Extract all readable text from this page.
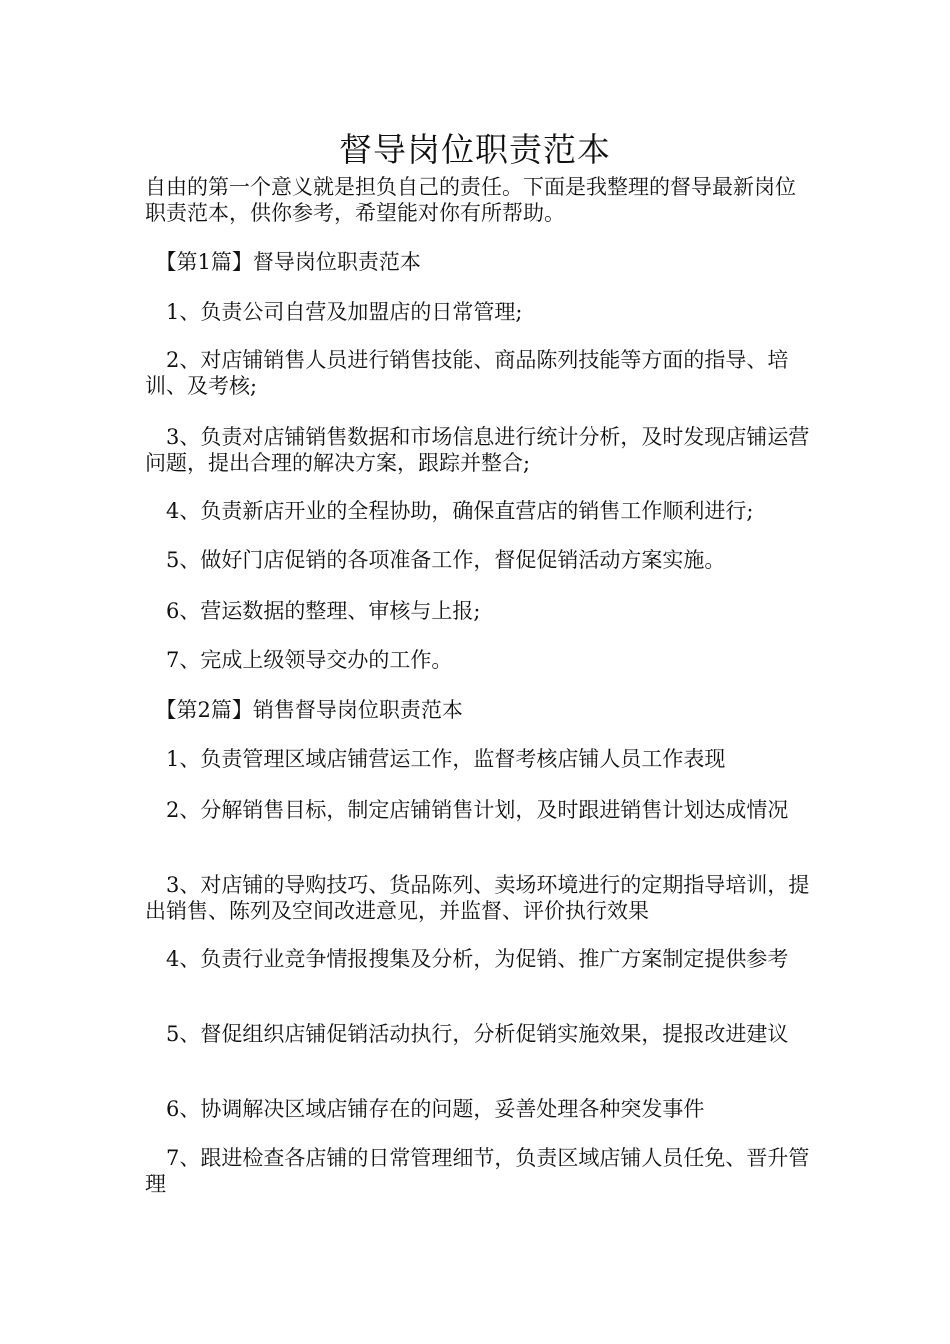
督导岗位职责范本

自由的第一个意义就是担负自己的责任。下面是我整理的督导最新岗位职责范本，供你参考，希望能对你有所帮助。

　【第1篇】督导岗位职责范本

　1、负责公司自营及加盟店的日常管理;

　2、对店铺销售人员进行销售技能、商品陈列技能等方面的指导、培训、及考核;

　3、负责对店铺销售数据和市场信息进行统计分析，及时发现店铺运营问题，提出合理的解决方案，跟踪并整合;

　4、负责新店开业的全程协助，确保直营店的销售工作顺利进行;

　5、做好门店促销的各项准备工作，督促促销活动方案实施。

　6、营运数据的整理、审核与上报;

　7、完成上级领导交办的工作。

　【第2篇】销售督导岗位职责范本

　1、负责管理区域店铺营运工作，监督考核店铺人员工作表现

　2、分解销售目标，制定店铺销售计划，及时跟进销售计划达成情况

　3、对店铺的导购技巧、货品陈列、卖场环境进行的定期指导培训，提出销售、陈列及空间改进意见，并监督、评价执行效果

　4、负责行业竞争情报搜集及分析，为促销、推广方案制定提供参考

　5、督促组织店铺促销活动执行，分析促销实施效果，提报改进建议

　6、协调解决区域店铺存在的问题，妥善处理各种突发事件

　7、跟进检查各店铺的日常管理细节，负责区域店铺人员任免、晋升管理
